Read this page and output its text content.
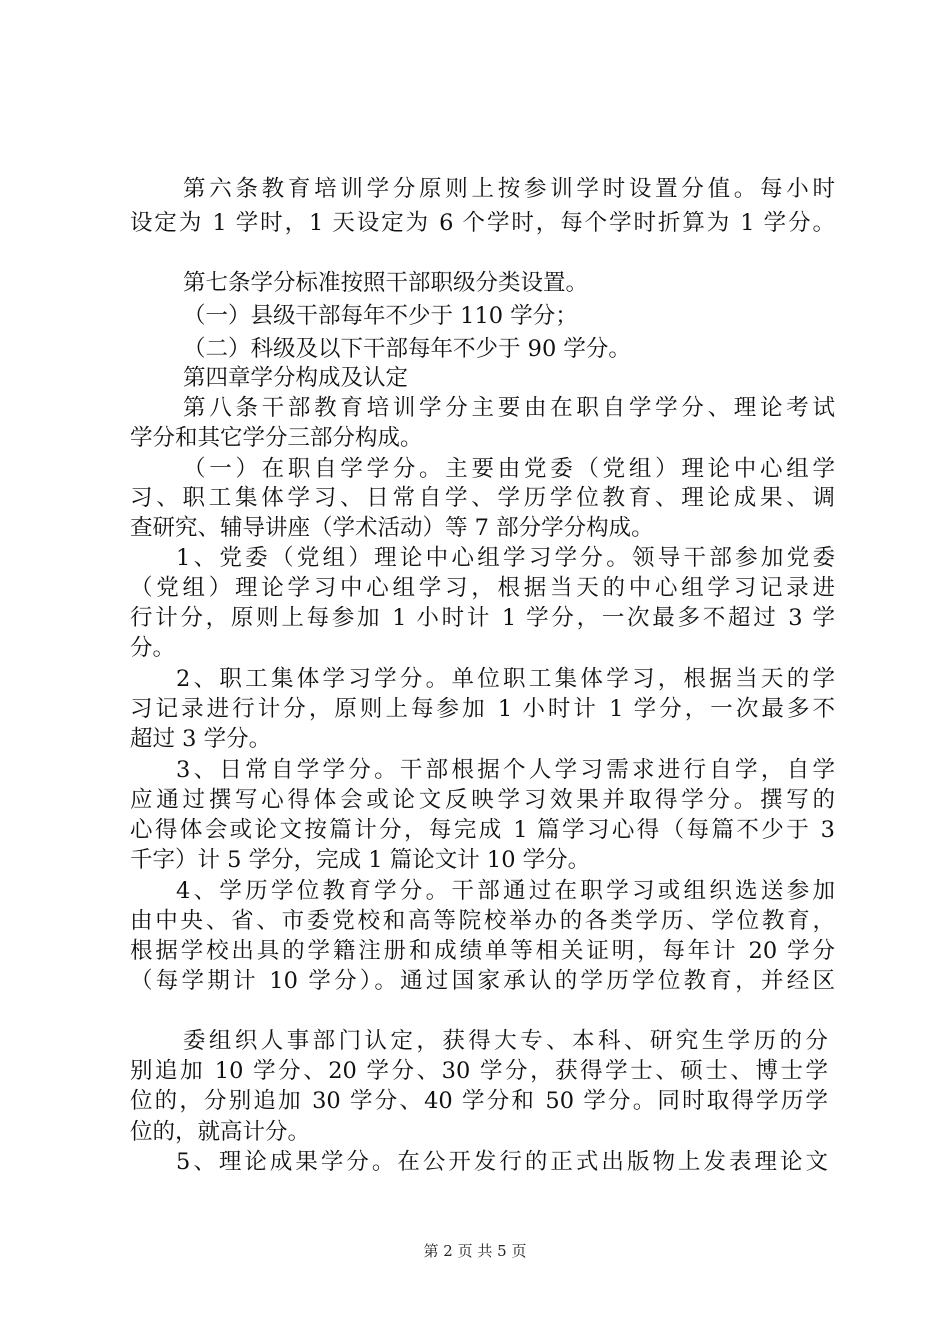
第六条教育培训学分原则上按参训学时设置分值。每小时
设定为 1 学时，1 天设定为 6 个学时，每个学时折算为 1 学分。
第七条学分标准按照干部职级分类设置。
（一）县级干部每年不少于 110 学分；
（二）科级及以下干部每年不少于 90 学分。
第四章学分构成及认定
第八条干部教育培训学分主要由在职自学学分、理论考试
学分和其它学分三部分构成。
（一）在职自学学分。主要由党委（党组）理论中心组学
习、职工集体学习、日常自学、学历学位教育、理论成果、调
查研究、辅导讲座（学术活动）等 7 部分学分构成。
1、党委（党组）理论中心组学习学分。领导干部参加党委
（党组）理论学习中心组学习，根据当天的中心组学习记录进
行计分，原则上每参加 1 小时计 1 学分，一次最多不超过 3 学
分。
2、职工集体学习学分。单位职工集体学习，根据当天的学
习记录进行计分，原则上每参加 1 小时计 1 学分，一次最多不
超过 3 学分。
3、日常自学学分。干部根据个人学习需求进行自学，自学
应通过撰写心得体会或论文反映学习效果并取得学分。撰写的
心得体会或论文按篇计分，每完成 1 篇学习心得（每篇不少于 3
千字）计 5 学分，完成 1 篇论文计 10 学分。
4、学历学位教育学分。干部通过在职学习或组织选送参加
由中央、省、市委党校和高等院校举办的各类学历、学位教育，
根据学校出具的学籍注册和成绩单等相关证明，每年计 20 学分
（每学期计 10 学分）。通过国家承认的学历学位教育，并经区
委组织人事部门认定，获得大专、本科、研究生学历的分
别追加 10 学分、20 学分、30 学分，获得学士、硕士、博士学
位的，分别追加 30 学分、40 学分和 50 学分。同时取得学历学
位的，就高计分。
5、理论成果学分。在公开发行的正式出版物上发表理论文
第 2 页 共 5 页
